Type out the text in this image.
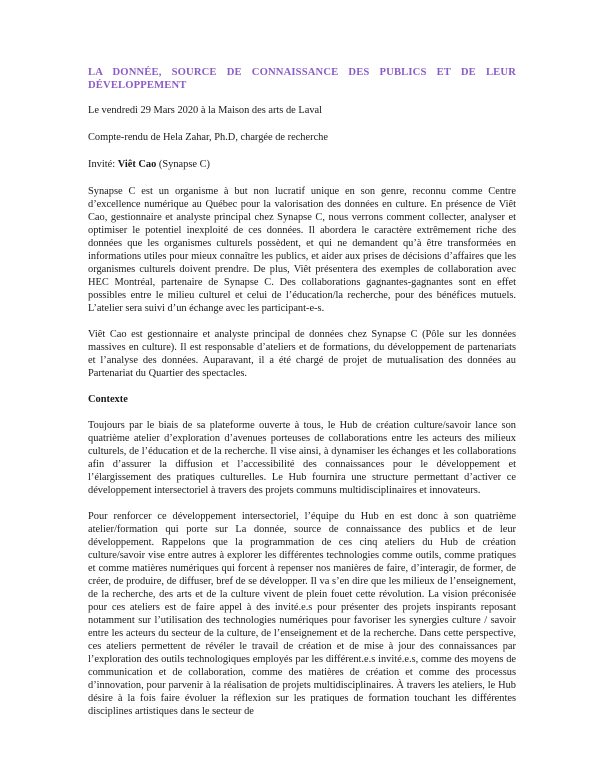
LA DONNÉE, SOURCE DE CONNAISSANCE DES PUBLICS ET DE LEUR DÉVELOPPEMENT
Le vendredi 29 Mars 2020 à la Maison des arts de Laval
Compte-rendu de Hela Zahar, Ph.D, chargée de recherche
Invité: Viêt Cao (Synapse C)

Synapse C est un organisme à but non lucratif unique en son genre, reconnu comme Centre d’excellence numérique au Québec pour la valorisation des données en culture. En présence de Viêt Cao, gestionnaire et analyste principal chez Synapse C, nous verrons comment collecter, analyser et optimiser le potentiel inexploité de ces données. Il abordera le caractère extrêmement riche des données que les organismes culturels possèdent, et qui ne demandent qu’à être transformées en informations utiles pour mieux connaître les publics, et aider aux prises de décisions d’affaires que les organismes culturels doivent prendre. De plus, Viêt présentera des exemples de collaboration avec HEC Montréal, partenaire de Synapse C. Des collaborations gagnantes-gagnantes sont en effet possibles entre le milieu culturel et celui de l’éducation/la recherche, pour des bénéfices mutuels. L’atelier sera suivi d’un échange avec les participant-e-s.

Viêt Cao est gestionnaire et analyste principal de données chez Synapse C (Pôle sur les données massives en culture). Il est responsable d’ateliers et de formations, du développement de partenariats et l’analyse des données. Auparavant, il a été chargé de projet de mutualisation des données au Partenariat du Quartier des spectacles.

Contexte

Toujours par le biais de sa plateforme ouverte à tous, le Hub de création culture/savoir lance son quatrième atelier d’exploration d’avenues porteuses de collaborations entre les acteurs des milieux culturels, de l’éducation et de la recherche. Il vise ainsi, à dynamiser les échanges et les collaborations afin d’assurer la diffusion et l’accessibilité des connaissances pour le développement et l’élargissement des pratiques culturelles. Le Hub fournira une structure permettant d’activer ce développement intersectoriel à travers des projets communs multidisciplinaires et innovateurs.

Pour renforcer ce développement intersectoriel, l’équipe du Hub en est donc à son quatrième atelier/formation qui porte sur La donnée, source de connaissance des publics et de leur développement. Rappelons que la programmation de ces cinq ateliers du Hub de création culture/savoir vise entre autres à explorer les différentes technologies comme outils, comme pratiques et comme matières numériques qui forcent à repenser nos manières de faire, d’interagir, de former, de créer, de produire, de diffuser, bref de se développer. Il va s’en dire que les milieux de l’enseignement, de la recherche, des arts et de la culture vivent de plein fouet cette révolution. La vision préconisée pour ces ateliers est de faire appel à des invité.e.s pour présenter des projets inspirants reposant notamment sur l’utilisation des technologies numériques pour favoriser les synergies culture / savoir entre les acteurs du secteur de la culture, de l’enseignement et de la recherche. Dans cette perspective, ces ateliers permettent de révéler le travail de création et de mise à jour des connaissances par l’exploration des outils technologiques employés par les différent.e.s invité.e.s, comme des moyens de communication et de collaboration, comme des matières de création et comme des processus d’innovation, pour parvenir à la réalisation de projets multidisciplinaires. À travers les ateliers, le Hub désire à la fois faire évoluer la réflexion sur les pratiques de formation touchant les différentes disciplines artistiques dans le secteur de
